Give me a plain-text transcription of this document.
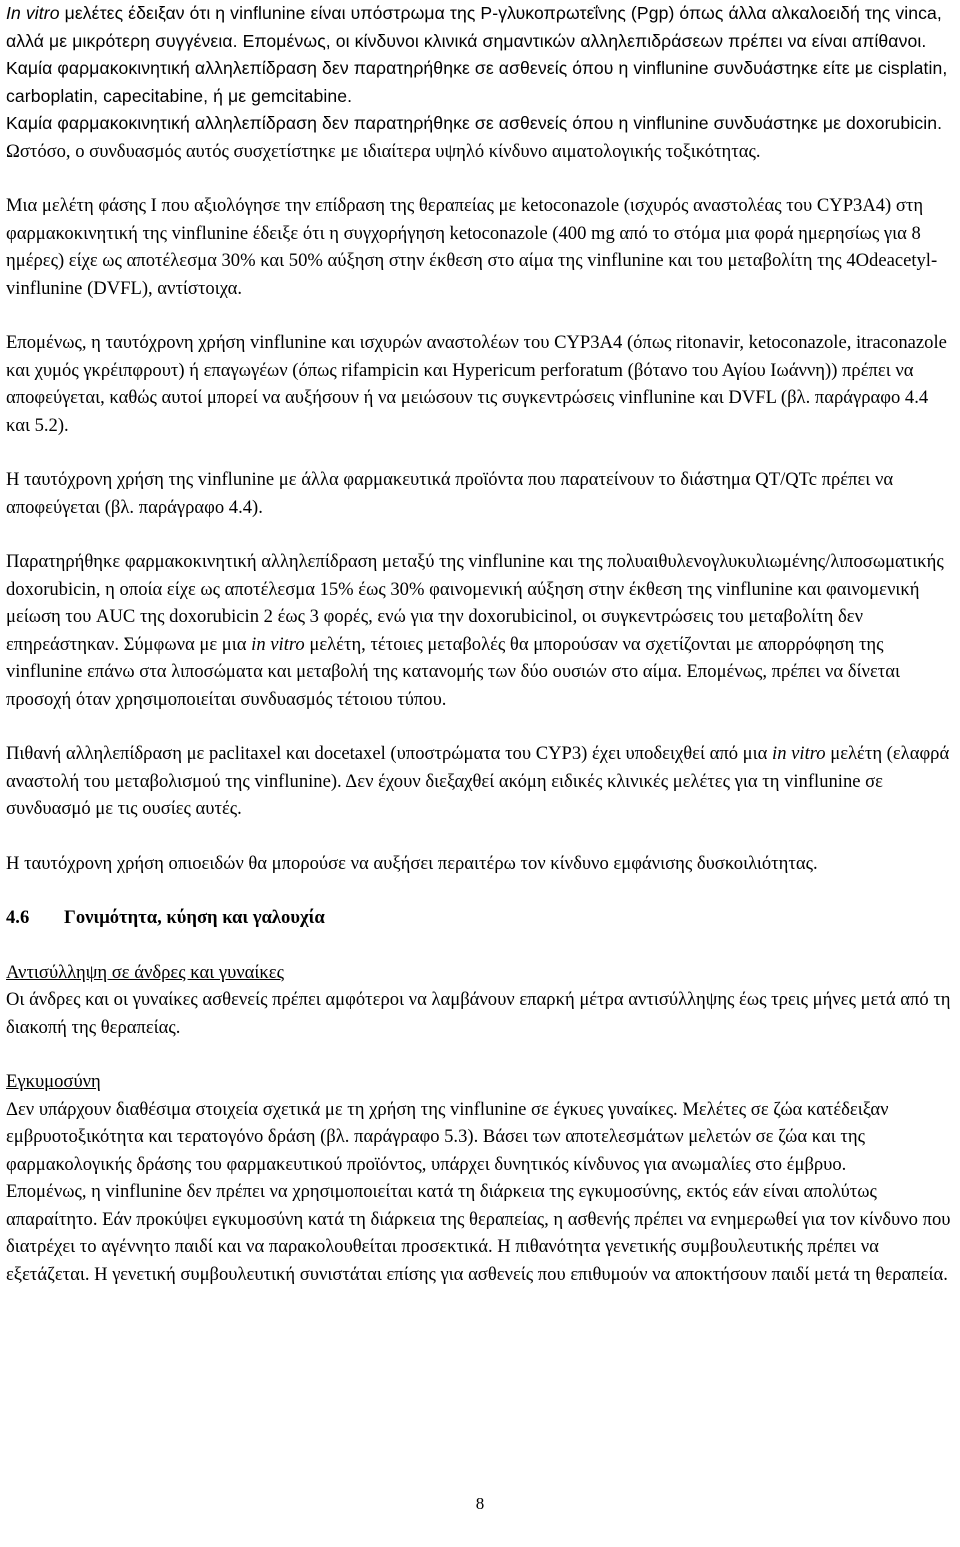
In vitro μελέτες έδειξαν ότι η vinflunine είναι υπόστρωμα της P-γλυκοπρωτεΐνης (Pgp) όπως άλλα αλκαλοειδή της vinca, αλλά με μικρότερη συγγένεια. Επομένως, οι κίνδυνοι κλινικά σημαντικών αλληλεπιδράσεων πρέπει να είναι απίθανοι.

Καμία φαρμακοκινητική αλληλεπίδραση δεν παρατηρήθηκε σε ασθενείς όπου η vinflunine συνδυάστηκε είτε με cisplatin, carboplatin, capecitabine, ή με gemcitabine.

Καμία φαρμακοκινητική αλληλεπίδραση δεν παρατηρήθηκε σε ασθενείς όπου η vinflunine συνδυάστηκε με doxorubicin. Ωστόσο, ο συνδυασμός αυτός συσχετίστηκε με ιδιαίτερα υψηλό κίνδυνο αιματολογικής τοξικότητας.

Μια μελέτη φάσης Ι που αξιολόγησε την επίδραση της θεραπείας με ketoconazole (ισχυρός αναστολέας του CYP3A4) στη φαρμακοκινητική της vinflunine έδειξε ότι η συγχορήγηση ketoconazole (400 mg από το στόμα μια φορά ημερησίως για 8 ημέρες) είχε ως αποτέλεσμα 30% και 50% αύξηση στην έκθεση στο αίμα της vinflunine και του μεταβολίτη της 4Odeacetyl-vinflunine (DVFL), αντίστοιχα.

Επομένως, η ταυτόχρονη χρήση vinflunine και ισχυρών αναστολέων του CYP3A4 (όπως ritonavir, ketoconazole, itraconazole και χυμός γκρέιπφρουτ) ή επαγωγέων (όπως rifampicin και Hypericum perforatum (βότανο του Αγίου Ιωάννη)) πρέπει να αποφεύγεται, καθώς αυτοί μπορεί να αυξήσουν ή να μειώσουν τις συγκεντρώσεις vinflunine και DVFL (βλ. παράγραφο 4.4 και 5.2).

Η ταυτόχρονη χρήση της vinflunine με άλλα φαρμακευτικά προϊόντα που παρατείνουν το διάστημα QT/QTc πρέπει να αποφεύγεται (βλ. παράγραφο 4.4).

Παρατηρήθηκε φαρμακοκινητική αλληλεπίδραση μεταξύ της vinflunine και της πολυαιθυλενογλυκυλιωμένης/λιποσωματικής doxorubicin, η οποία είχε ως αποτέλεσμα 15% έως 30% φαινομενική αύξηση στην έκθεση της vinflunine και φαινομενική μείωση του AUC της doxorubicin 2 έως 3 φορές, ενώ για την doxorubicinol, οι συγκεντρώσεις του μεταβολίτη δεν επηρεάστηκαν. Σύμφωνα με μια in vitro μελέτη, τέτοιες μεταβολές θα μπορούσαν να σχετίζονται με απορρόφηση της vinflunine επάνω στα λιποσώματα και μεταβολή της κατανομής των δύο ουσιών στο αίμα. Επομένως, πρέπει να δίνεται προσοχή όταν χρησιμοποιείται συνδυασμός τέτοιου τύπου.

Πιθανή αλληλεπίδραση με paclitaxel και docetaxel (υποστρώματα του CYP3) έχει υποδειχθεί από μια in vitro μελέτη (ελαφρά αναστολή του μεταβολισμού της vinflunine). Δεν έχουν διεξαχθεί ακόμη ειδικές κλινικές μελέτες για τη vinflunine σε συνδυασμό με τις ουσίες αυτές.

Η ταυτόχρονη χρήση οπιοειδών θα μπορούσε να αυξήσει περαιτέρω τον κίνδυνο εμφάνισης δυσκοιλιότητας.

4.6 Γονιμότητα, κύηση και γαλουχία

Αντισύλληψη σε άνδρες και γυναίκες

Οι άνδρες και οι γυναίκες ασθενείς πρέπει αμφότεροι να λαμβάνουν επαρκή μέτρα αντισύλληψης έως τρεις μήνες μετά από τη διακοπή της θεραπείας.

Εγκυμοσύνη

Δεν υπάρχουν διαθέσιμα στοιχεία σχετικά με τη χρήση της vinflunine σε έγκυες γυναίκες. Μελέτες σε ζώα κατέδειξαν εμβρυοτοξικότητα και τερατογόνο δράση (βλ. παράγραφο 5.3). Βάσει των αποτελεσμάτων μελετών σε ζώα και της φαρμακολογικής δράσης του φαρμακευτικού προϊόντος, υπάρχει δυνητικός κίνδυνος για ανωμαλίες στο έμβρυο.

Επομένως, η vinflunine δεν πρέπει να χρησιμοποιείται κατά τη διάρκεια της εγκυμοσύνης, εκτός εάν είναι απολύτως απαραίτητο. Εάν προκύψει εγκυμοσύνη κατά τη διάρκεια της θεραπείας, η ασθενής πρέπει να ενημερωθεί για τον κίνδυνο που διατρέχει το αγέννητο παιδί και να παρακολουθείται προσεκτικά. Η πιθανότητα γενετικής συμβουλευτικής πρέπει να εξετάζεται. Η γενετική συμβουλευτική συνιστάται επίσης για ασθενείς που επιθυμούν να αποκτήσουν παιδί μετά τη θεραπεία.

8
